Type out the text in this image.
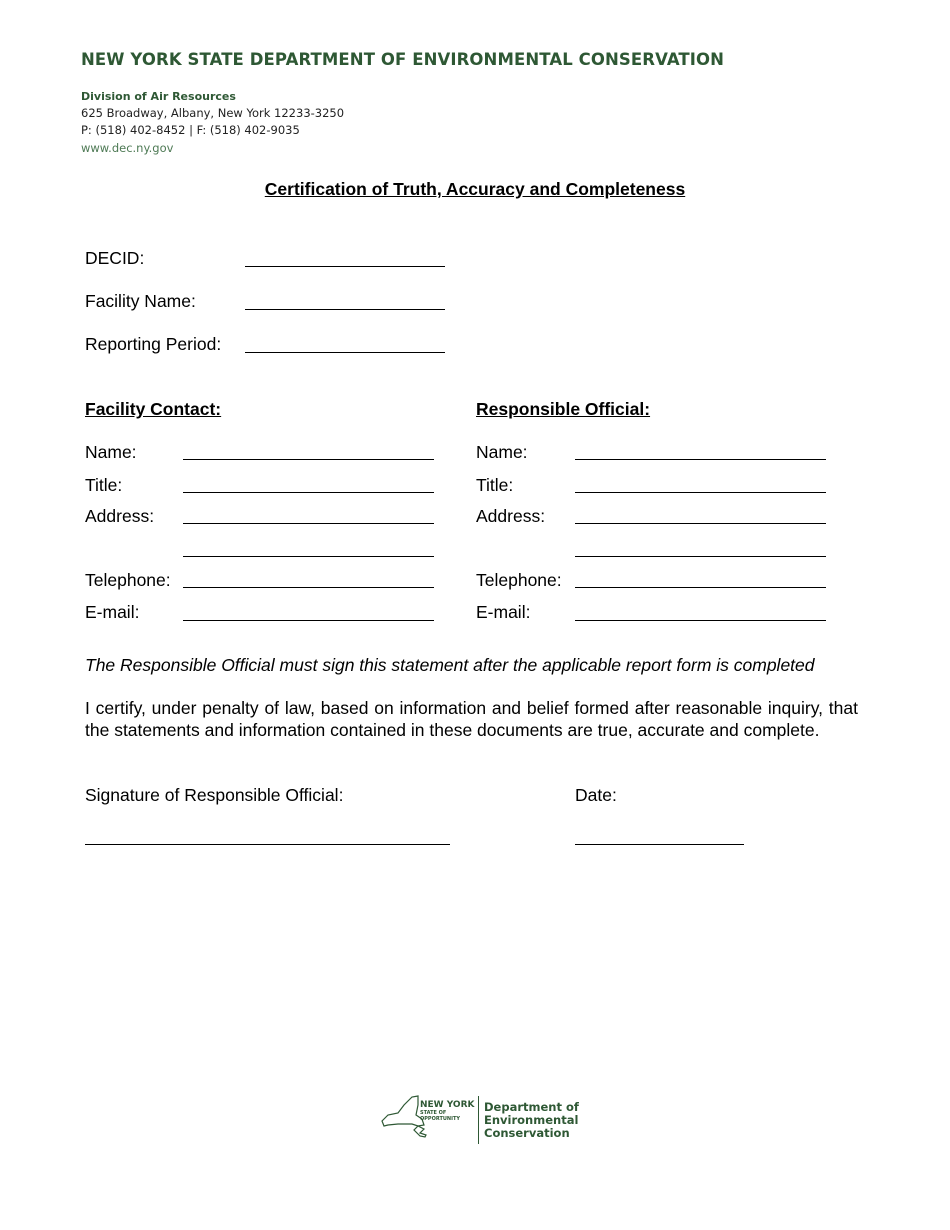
NEW YORK STATE DEPARTMENT OF ENVIRONMENTAL CONSERVATION
Division of Air Resources
625 Broadway, Albany, New York 12233-3250
P: (518) 402-8452 | F: (518) 402-9035
www.dec.ny.gov
Certification of Truth, Accuracy and Completeness
DECID:
Facility Name:
Reporting Period:
Facility Contact:
Name:
Title:
Address:
Telephone:
E-mail:
Responsible Official:
Name:
Title:
Address:
Telephone:
E-mail:
The Responsible Official must sign this statement after the applicable report form is completed
I certify, under penalty of law, based on information and belief formed after reasonable inquiry, that the statements and information contained in these documents are true, accurate and complete.
Signature of Responsible Official:	Date:
NEW YORK
STATE OF
OPPORTUNITY
Department of
Environmental
Conservation
